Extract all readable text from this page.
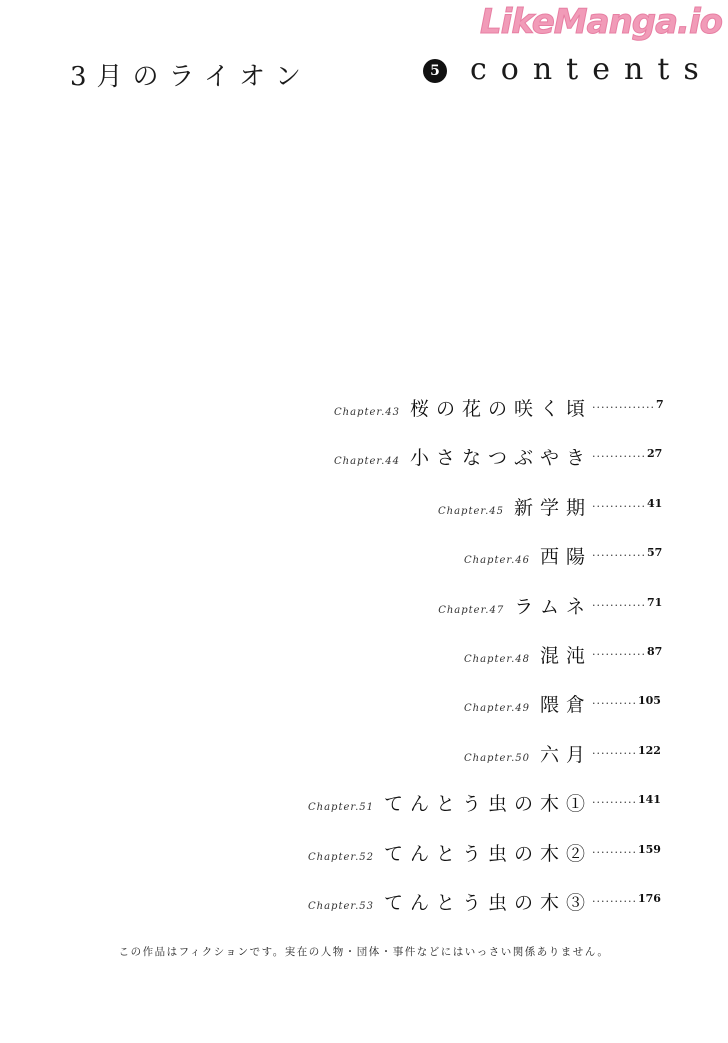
LikeManga.io
3月のライオン	5 contents
Chapter.43 桜の花の咲く頃 .............. 7
Chapter.44 小さなつぶやき ............ 27
Chapter.45 新学期 ............ 41
Chapter.46 西陽 ............ 57
Chapter.47 ラムネ ............ 71
Chapter.48 混沌 ............ 87
Chapter.49 隈倉 .......... 105
Chapter.50 六月 .......... 122
Chapter.51 てんとう虫の木① .......... 141
Chapter.52 てんとう虫の木② .......... 159
Chapter.53 てんとう虫の木③ .......... 176
この作品はフィクションです。実在の人物・団体・事件などにはいっさい関係ありません。
